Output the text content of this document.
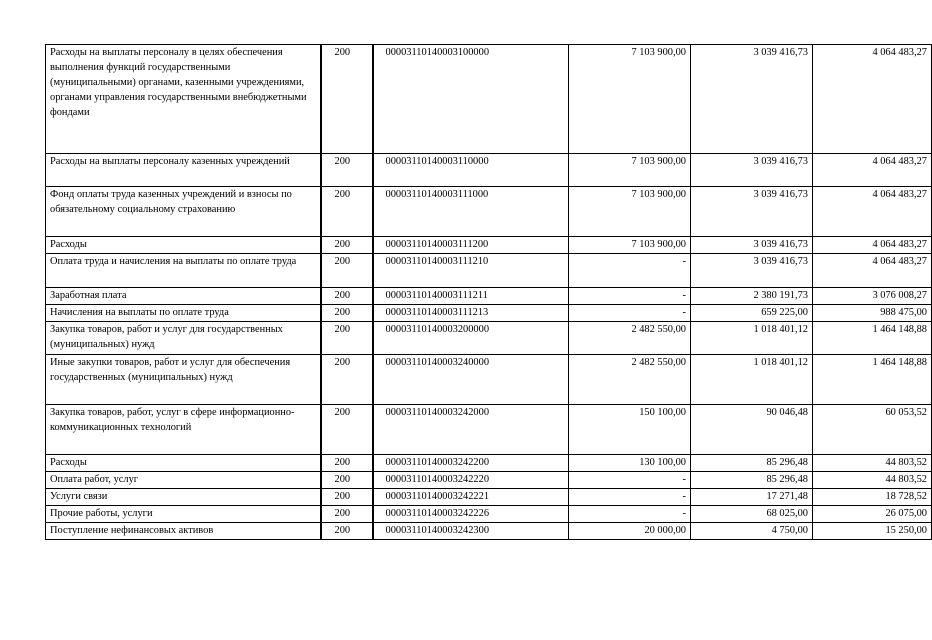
Расходы на выплаты персоналу в целях обеспечения выполнения функций государственными (муниципальными) органами, казенными учреждениями, органами управления государственными внебюджетными фондами	200	00003110140003100000	7 103 900,00	3 039 416,73	4 064 483,27
Расходы на выплаты персоналу казенных учреждений	200	00003110140003110000	7 103 900,00	3 039 416,73	4 064 483,27
Фонд оплаты труда казенных учреждений и взносы по обязательному социальному страхованию	200	00003110140003111000	7 103 900,00	3 039 416,73	4 064 483,27
Расходы	200	00003110140003111200	7 103 900,00	3 039 416,73	4 064 483,27
Оплата труда и начисления на выплаты по оплате труда	200	00003110140003111210	-	3 039 416,73	4 064 483,27
Заработная плата	200	00003110140003111211	-	2 380 191,73	3 076 008,27
Начисления на выплаты по оплате труда	200	00003110140003111213	-	659 225,00	988 475,00
Закупка товаров, работ и услуг для государственных (муниципальных) нужд	200	00003110140003200000	2 482 550,00	1 018 401,12	1 464 148,88
Иные закупки товаров, работ и услуг для обеспечения государственных (муниципальных) нужд	200	00003110140003240000	2 482 550,00	1 018 401,12	1 464 148,88
Закупка товаров, работ, услуг в сфере информационно-коммуникационных технологий	200	00003110140003242000	150 100,00	90 046,48	60 053,52
Расходы	200	00003110140003242200	130 100,00	85 296,48	44 803,52
Оплата работ, услуг	200	00003110140003242220	-	85 296,48	44 803,52
Услуги связи	200	00003110140003242221	-	17 271,48	18 728,52
Прочие работы, услуги	200	00003110140003242226	-	68 025,00	26 075,00
Поступление нефинансовых активов	200	00003110140003242300	20 000,00	4 750,00	15 250,00
